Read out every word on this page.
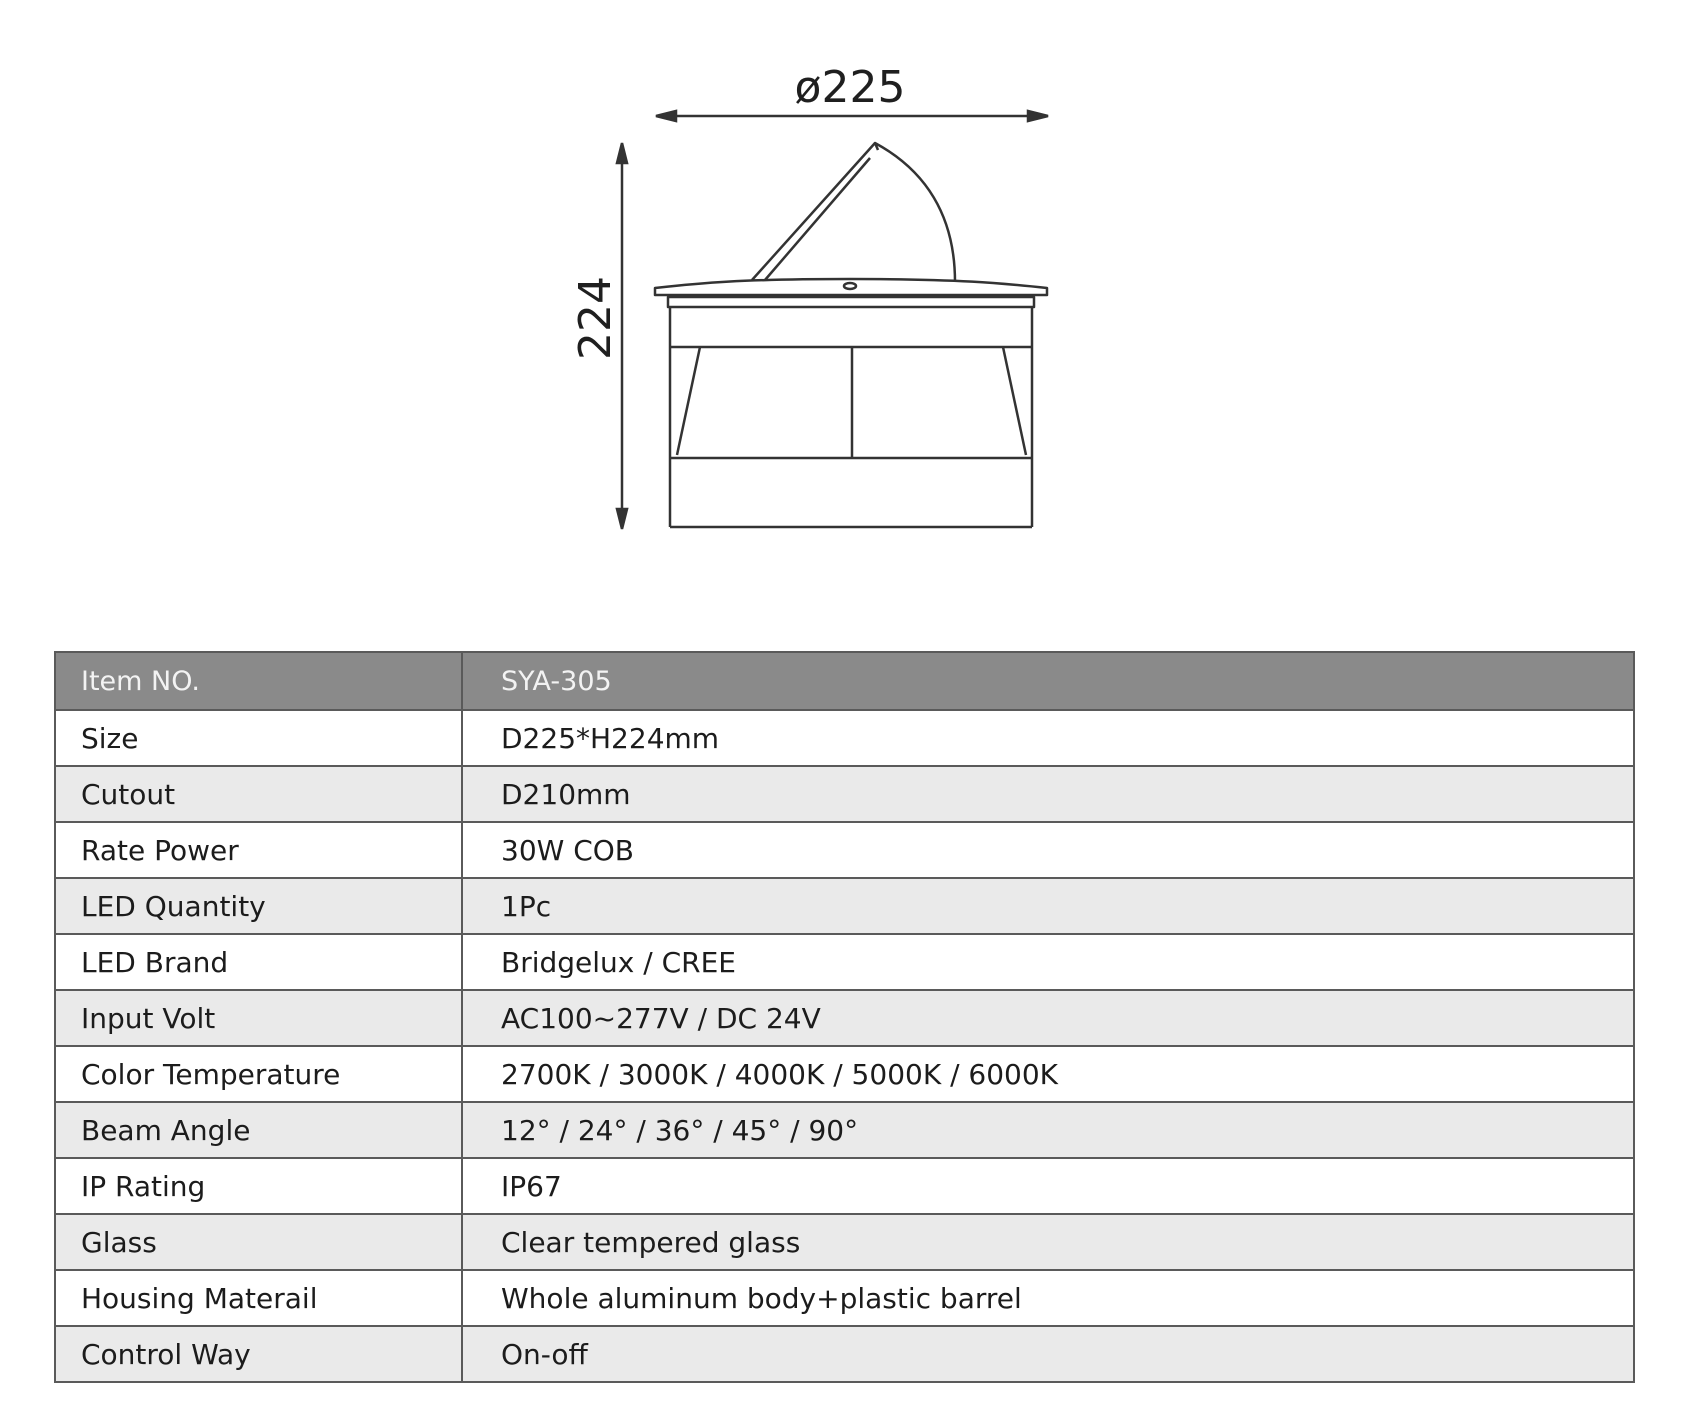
ø225
224
Item NO.	SYA-305
Size	D225*H224mm
Cutout	D210mm
Rate Power	30W COB
LED Quantity	1Pc
LED Brand	Bridgelux / CREE
Input Volt	AC100~277V / DC 24V
Color Temperature	2700K / 3000K / 4000K / 5000K / 6000K
Beam Angle	12° / 24° / 36° / 45° / 90°
IP Rating	IP67
Glass	Clear tempered glass
Housing Materail	Whole aluminum body+plastic barrel
Control Way	On-off
